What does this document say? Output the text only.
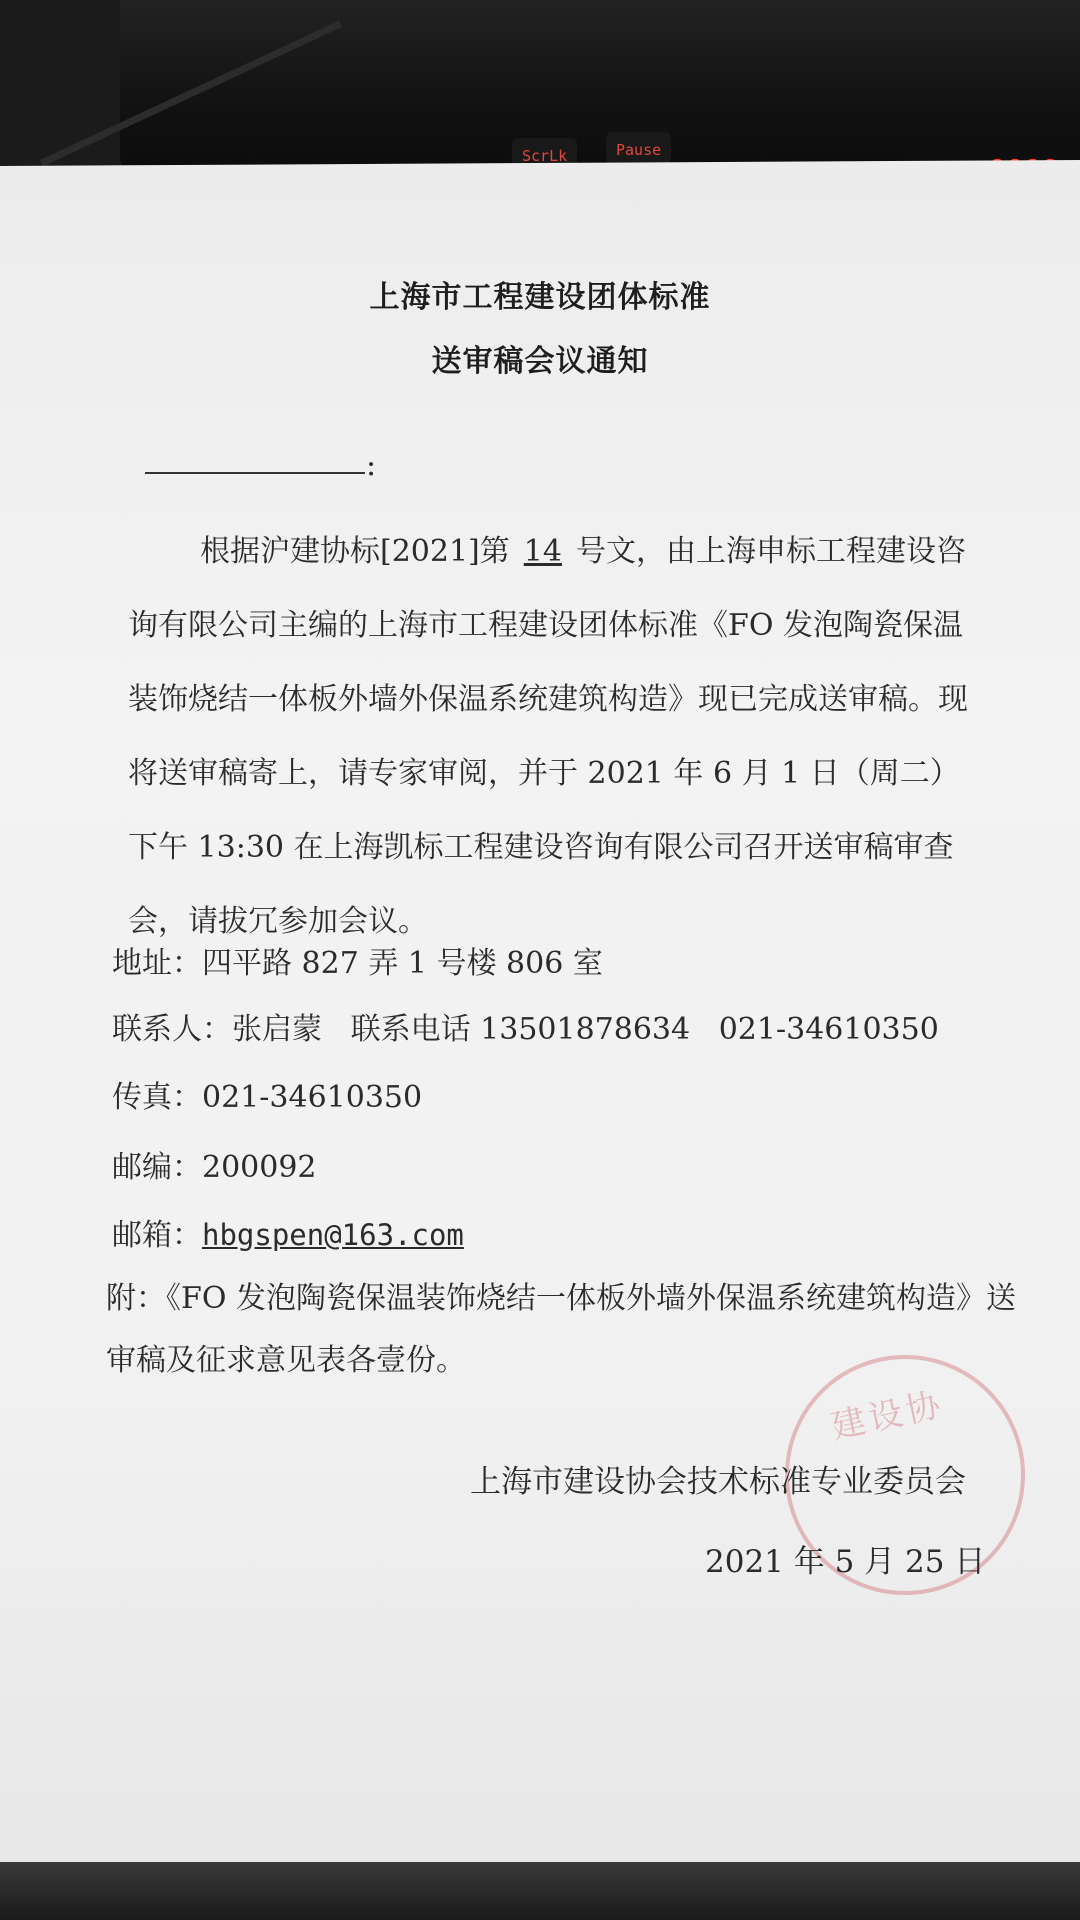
ScrLk	Pause
上海市工程建设团体标准
送审稿会议通知
:
根据沪建协标[2021]第 14 号文，由上海申标工程建设咨询有限公司主编的上海市工程建设团体标准《FO 发泡陶瓷保温装饰烧结一体板外墙外保温系统建筑构造》现已完成送审稿。现将送审稿寄上，请专家审阅，并于 2021 年 6 月 1 日（周二）下午 13:30 在上海凯标工程建设咨询有限公司召开送审稿审查会，请拔冗参加会议。
地址：四平路 827 弄 1 号楼 806 室
联系人：张启蒙   联系电话 13501878634   021-34610350
传真：021-34610350
邮编：200092
邮箱：hbgspen@163.com
附：《FO 发泡陶瓷保温装饰烧结一体板外墙外保温系统建筑构造》送审稿及征求意见表各壹份。
建设协
上海市建设协会技术标准专业委员会
2021 年 5 月 25 日
